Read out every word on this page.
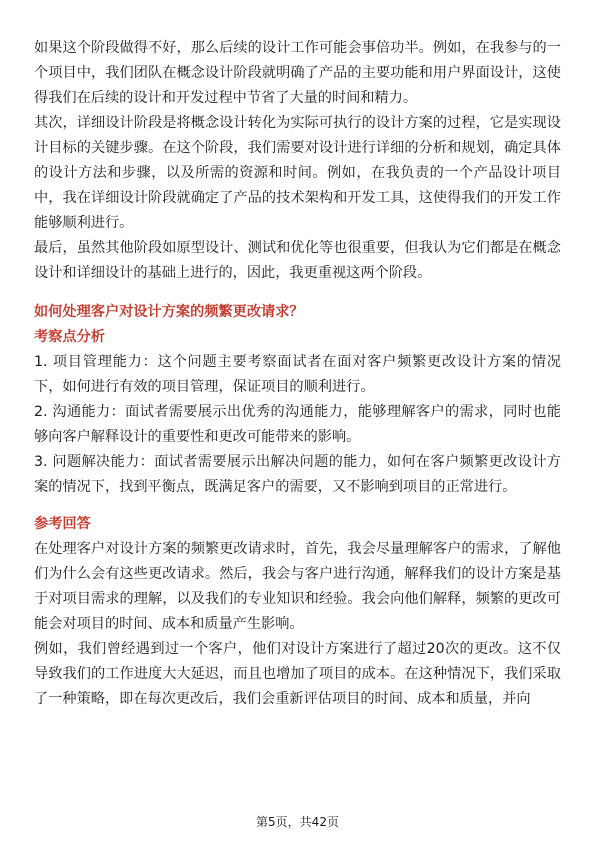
如果这个阶段做得不好，那么后续的设计工作可能会事倍功半。例如，在我参与的一个项目中，我们团队在概念设计阶段就明确了产品的主要功能和用户界面设计，这使得我们在后续的设计和开发过程中节省了大量的时间和精力。

其次，详细设计阶段是将概念设计转化为实际可执行的设计方案的过程，它是实现设计目标的关键步骤。在这个阶段，我们需要对设计进行详细的分析和规划，确定具体的设计方法和步骤，以及所需的资源和时间。例如，在我负责的一个产品设计项目中，我在详细设计阶段就确定了产品的技术架构和开发工具，这使得我们的开发工作能够顺利进行。

最后，虽然其他阶段如原型设计、测试和优化等也很重要，但我认为它们都是在概念设计和详细设计的基础上进行的，因此，我更重视这两个阶段。

如何处理客户对设计方案的频繁更改请求？

考察点分析

1. 项目管理能力：这个问题主要考察面试者在面对客户频繁更改设计方案的情况下，如何进行有效的项目管理，保证项目的顺利进行。

2. 沟通能力：面试者需要展示出优秀的沟通能力，能够理解客户的需求，同时也能够向客户解释设计的重要性和更改可能带来的影响。

3. 问题解决能力：面试者需要展示出解决问题的能力，如何在客户频繁更改设计方案的情况下，找到平衡点，既满足客户的需要，又不影响到项目的正常进行。

参考回答

在处理客户对设计方案的频繁更改请求时，首先，我会尽量理解客户的需求，了解他们为什么会有这些更改请求。然后，我会与客户进行沟通，解释我们的设计方案是基于对项目需求的理解，以及我们的专业知识和经验。我会向他们解释，频繁的更改可能会对项目的时间、成本和质量产生影响。

例如，我们曾经遇到过一个客户，他们对设计方案进行了超过20次的更改。这不仅导致我们的工作进度大大延迟，而且也增加了项目的成本。在这种情况下，我们采取了一种策略，即在每次更改后，我们会重新评估项目的时间、成本和质量，并向

第5页，共42页
